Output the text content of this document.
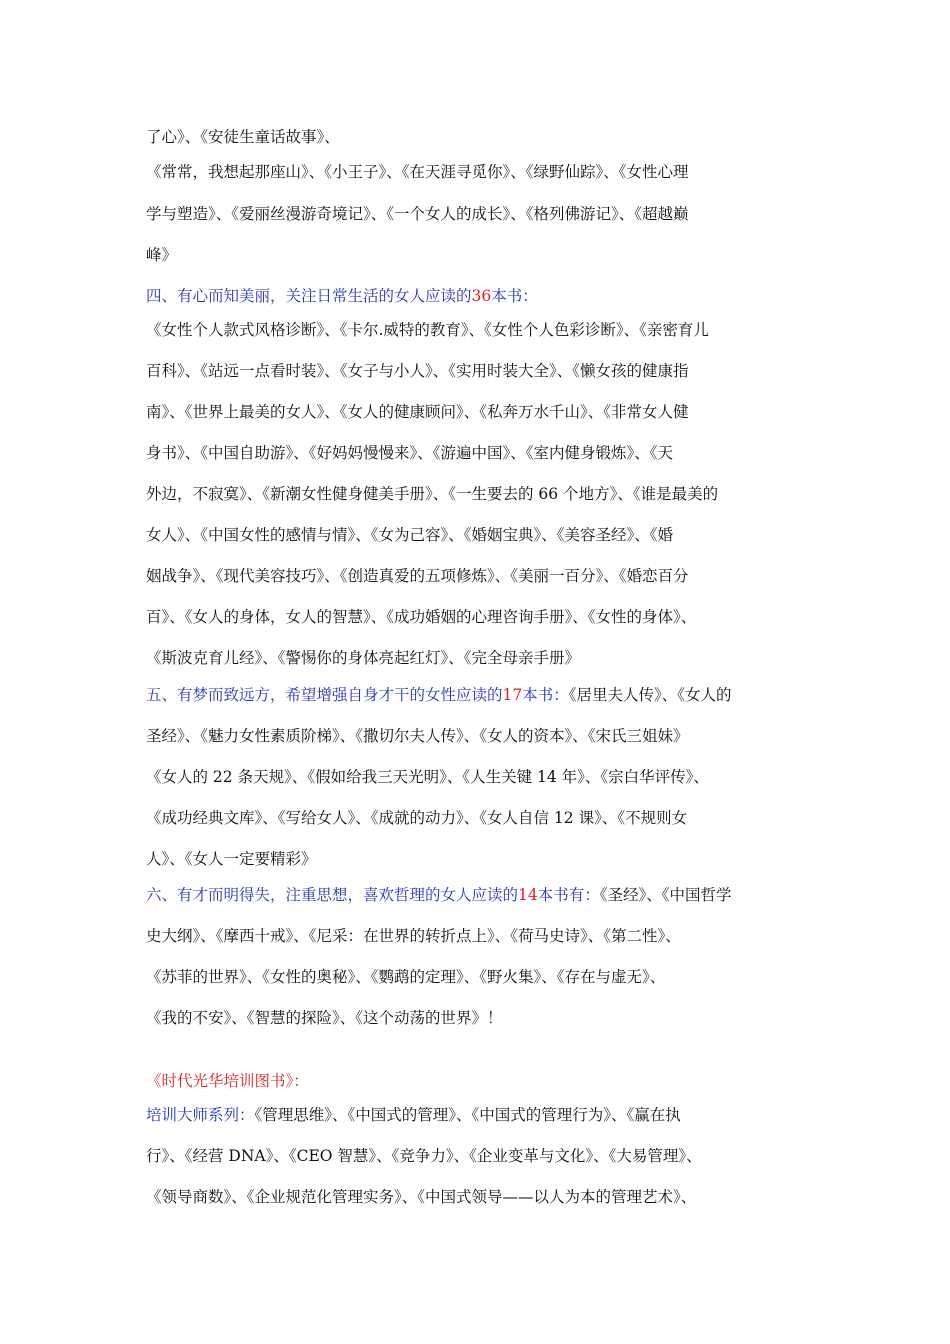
了心》、《安徒生童话故事》、
《常常，我想起那座山》、《小王子》、《在天涯寻觅你》、《绿野仙踪》、《女性心理
学与塑造》、《爱丽丝漫游奇境记》、《一个女人的成长》、《格列佛游记》、《超越巅
峰》
四、有心而知美丽，关注日常生活的女人应读的36本书：
《女性个人款式风格诊断》、《卡尔.威特的教育》、《女性个人色彩诊断》、《亲密育儿
百科》、《站远一点看时装》、《女子与小人》、《实用时装大全》、《懒女孩的健康指
南》、《世界上最美的女人》、《女人的健康顾问》、《私奔万水千山》、《非常女人健
身书》、《中国自助游》、《好妈妈慢慢来》、《游遍中国》、《室内健身锻炼》、《天
外边，不寂寞》、《新潮女性健身健美手册》、《一生要去的 66 个地方》、《谁是最美的
女人》、《中国女性的感情与情》、《女为己容》、《婚姻宝典》、《美容圣经》、《婚
姻战争》、《现代美容技巧》、《创造真爱的五项修炼》、《美丽一百分》、《婚恋百分
百》、《女人的身体，女人的智慧》、《成功婚姻的心理咨询手册》、《女性的身体》、
《斯波克育儿经》、《警惕你的身体亮起红灯》、《完全母亲手册》
五、有梦而致远方，希望增强自身才干的女性应读的17本书：《居里夫人传》、《女人的
圣经》、《魅力女性素质阶梯》、《撒切尔夫人传》、《女人的资本》、《宋氏三姐妹》
《女人的 22 条天规》、《假如给我三天光明》、《人生关键 14 年》、《宗白华评传》、
《成功经典文库》、《写给女人》、《成就的动力》、《女人自信 12 课》、《不规则女
人》、《女人一定要精彩》
六、有才而明得失，注重思想，喜欢哲理的女人应读的14本书有：《圣经》、《中国哲学
史大纲》、《摩西十戒》、《尼采：在世界的转折点上》、《荷马史诗》、《第二性》、
《苏菲的世界》、《女性的奥秘》、《鹦鹉的定理》、《野火集》、《存在与虚无》、
《我的不安》、《智慧的探险》、《这个动荡的世界》！
《时代光华培训图书》：
培训大师系列：《管理思维》、《中国式的管理》、《中国式的管理行为》、《赢在执
行》、《经营 DNA》、《CEO 智慧》、《竞争力》、《企业变革与文化》、《大易管理》、
《领导商数》、《企业规范化管理实务》、《中国式领导——以人为本的管理艺术》、
